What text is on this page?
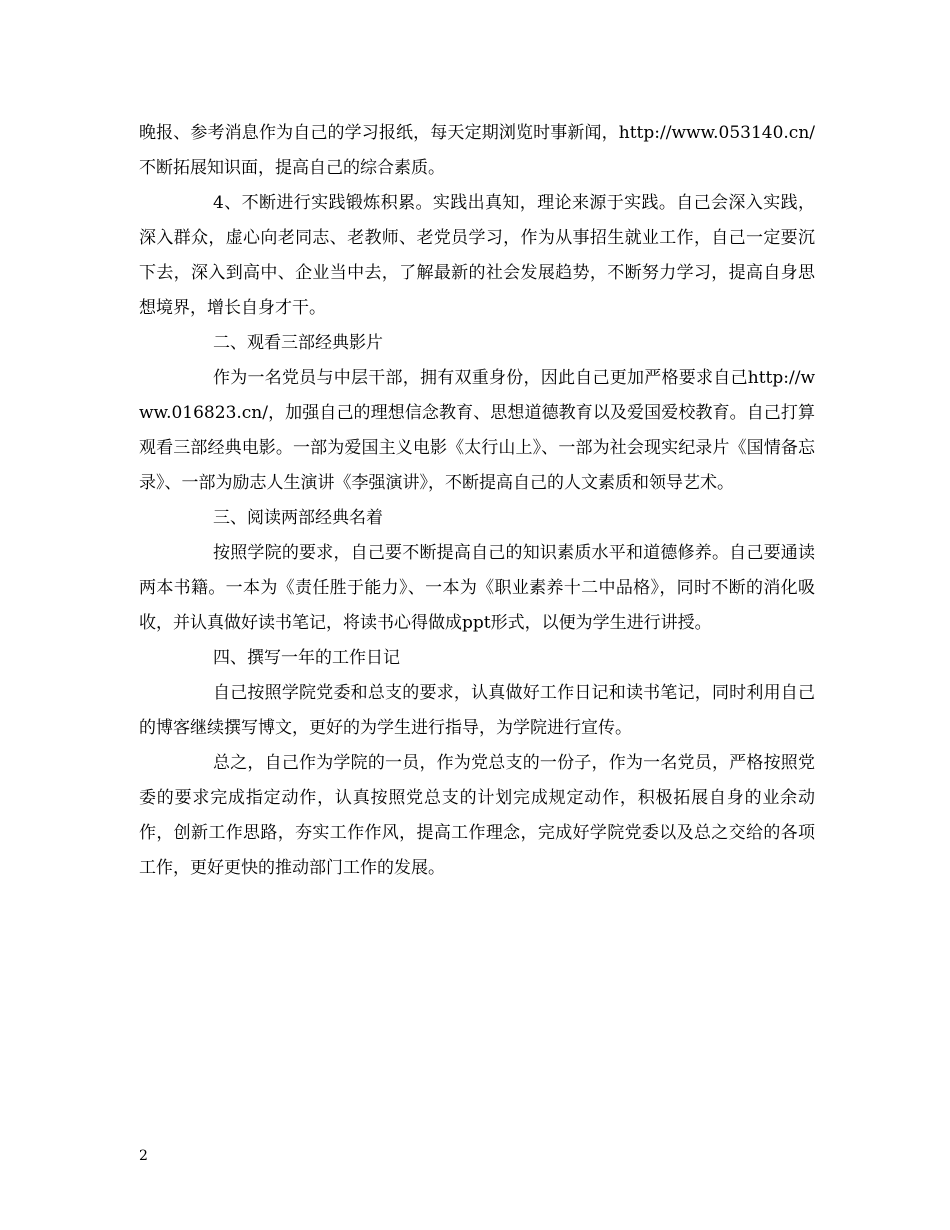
晚报、参考消息作为自己的学习报纸，每天定期浏览时事新闻，http://www.053140.cn/不断拓展知识面，提高自己的综合素质。

4、不断进行实践锻炼积累。实践出真知，理论来源于实践。自己会深入实践，深入群众，虚心向老同志、老教师、老党员学习，作为从事招生就业工作，自己一定要沉下去，深入到高中、企业当中去，了解最新的社会发展趋势，不断努力学习，提高自身思想境界，增长自身才干。

二、观看三部经典影片

作为一名党员与中层干部，拥有双重身份，因此自己更加严格要求自己http://www.016823.cn/，加强自己的理想信念教育、思想道德教育以及爱国爱校教育。自己打算观看三部经典电影。一部为爱国主义电影《太行山上》、一部为社会现实纪录片《国情备忘录》、一部为励志人生演讲《李强演讲》，不断提高自己的人文素质和领导艺术。

三、阅读两部经典名着

按照学院的要求，自己要不断提高自己的知识素质水平和道德修养。自己要通读两本书籍。一本为《责任胜于能力》、一本为《职业素养十二中品格》，同时不断的消化吸收，并认真做好读书笔记，将读书心得做成ppt形式，以便为学生进行讲授。

四、撰写一年的工作日记

自己按照学院党委和总支的要求，认真做好工作日记和读书笔记，同时利用自己的博客继续撰写博文，更好的为学生进行指导，为学院进行宣传。

总之，自己作为学院的一员，作为党总支的一份子，作为一名党员，严格按照党委的要求完成指定动作，认真按照党总支的计划完成规定动作，积极拓展自身的业余动作，创新工作思路，夯实工作作风，提高工作理念，完成好学院党委以及总之交给的各项工作，更好更快的推动部门工作的发展。

2
